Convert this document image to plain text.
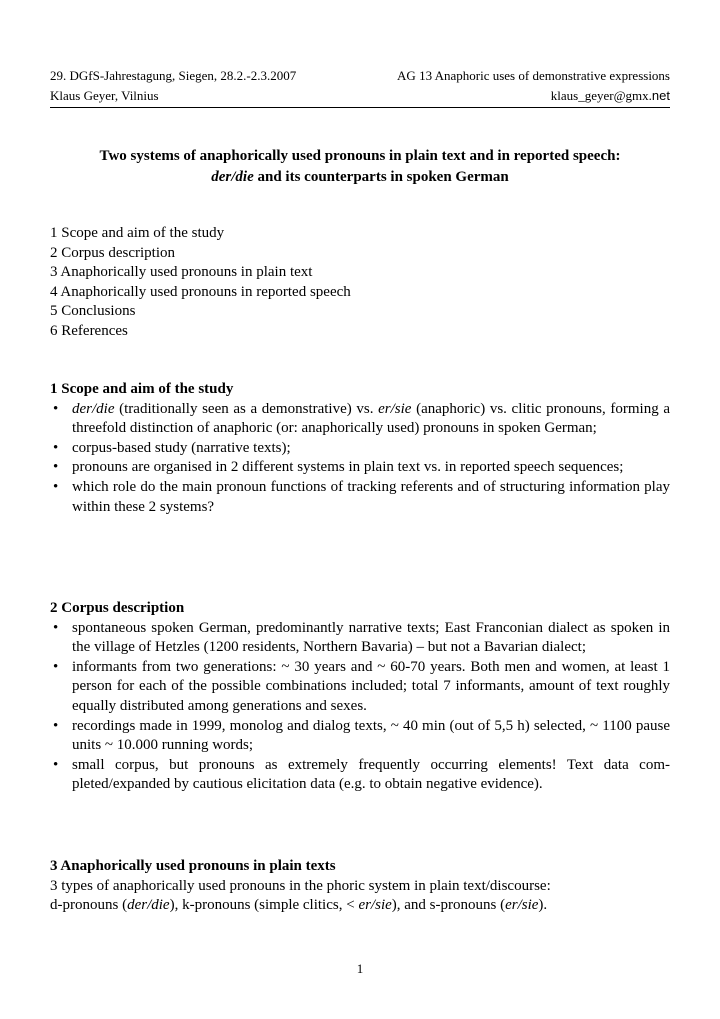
29. DGfS-Jahrestagung, Siegen, 28.2.-2.3.2007	AG 13 Anaphoric uses of demonstrative expressions
Klaus Geyer, Vilnius	klaus_geyer@gmx.net
Two systems of anaphorically used pronouns in plain text and in reported speech:
der/die and its counterparts in spoken German
1 Scope and aim of the study
2 Corpus description
3 Anaphorically used pronouns in plain text
4 Anaphorically used pronouns in reported speech
5 Conclusions
6 References
1 Scope and aim of the study
• der/die (traditionally seen as a demonstrative) vs. er/sie (anaphoric) vs. clitic pronouns, forming a threefold distinction of anaphoric (or: anaphorically used) pronouns in spoken German;
• corpus-based study (narrative texts);
• pronouns are organised in 2 different systems in plain text vs. in reported speech sequences;
• which role do the main pronoun functions of tracking referents and of structuring information play within these 2 systems?
2 Corpus description
• spontaneous spoken German, predominantly narrative texts; East Franconian dialect as spoken in the village of Hetzles (1200 residents, Northern Bavaria) – but not a Bavarian dialect;
• informants from two generations: ~ 30 years and ~ 60-70 years. Both men and women, at least 1 person for each of the possible combinations included; total 7 informants, amount of text roughly equally distributed among generations and sexes.
• recordings made in 1999, monolog and dialog texts, ~ 40 min (out of 5,5 h) selected, ~ 1100 pause units ~ 10.000 running words;
• small corpus, but pronouns as extremely frequently occurring elements! Text data com-pleted/expanded by cautious elicitation data (e.g. to obtain negative evidence).
3 Anaphorically used pronouns in plain texts

3 types of anaphorically used pronouns in the phoric system in plain text/discourse:

d-pronouns (der/die), k-pronouns (simple clitics, < er/sie), and s-pronouns (er/sie).

1
